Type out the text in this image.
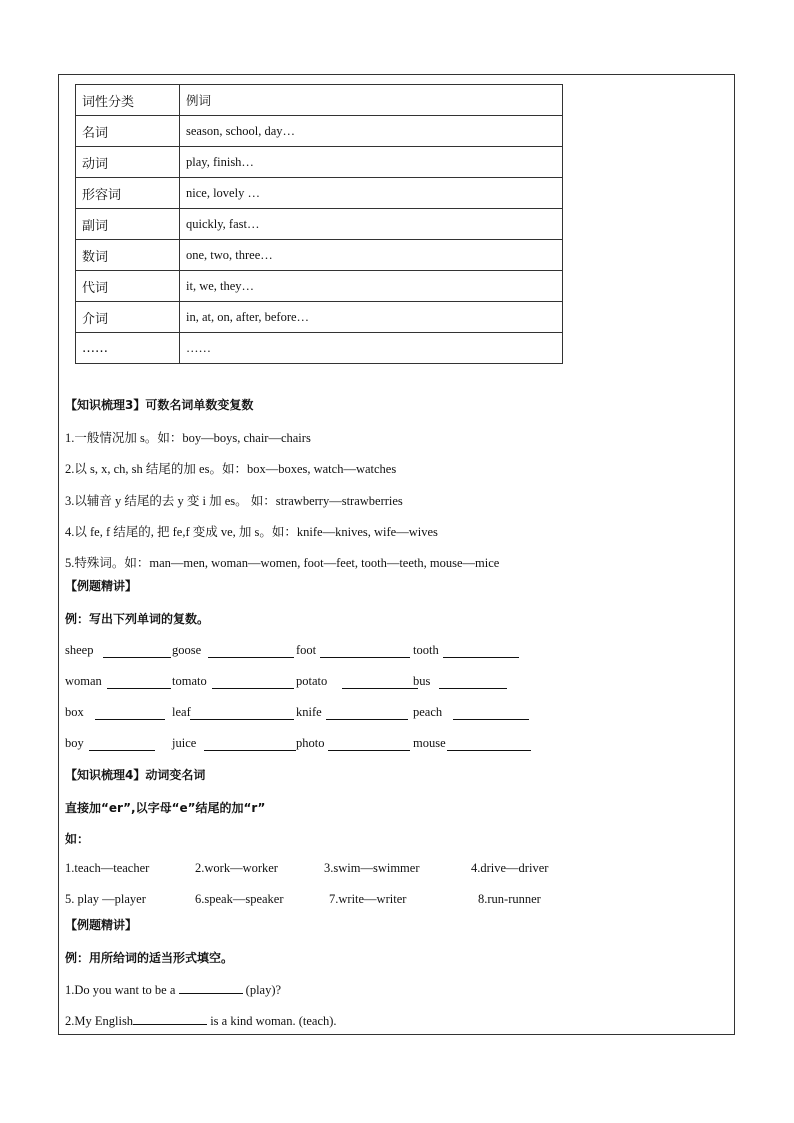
词性分类	例词
名词	season, school, day…
动词	play, finish…
形容词	nice, lovely …
副词	quickly, fast…
数词	one, two, three…
代词	it, we, they…
介词	in, at, on, after, before…
……	……
【知识梳理3】可数名词单数变复数
1.一般情况加 s。如：boy—boys, chair—chairs
2.以 s, x, ch, sh 结尾的加 es。如：box—boxes, watch—watches
3.以辅音 y 结尾的去 y 变 i 加 es。 如：strawberry—strawberries
4.以 fe, f 结尾的, 把 fe,f 变成 ve, 加 s。如：knife—knives, wife—wives
5.特殊词。如：man—men, woman—women, foot—feet, tooth—teeth, mouse—mice
【例题精讲】
例：写出下列单词的复数。
sheep	goose	foot	tooth
woman	tomato	potato	bus
box	leaf	knife	peach
boy	juice	photo	mouse
【知识梳理4】动词变名词
直接加“er”,以字母“e”结尾的加“r”
如：
1.teach—teacher	2.work—worker	3.swim—swimmer	4.drive—driver
5. play —player	6.speak—speaker	7.write—writer	8.run-runner
【例题精讲】
例：用所给词的适当形式填空。
1.Do you want to be a	(play)?
2.My English	is a kind woman. (teach).
